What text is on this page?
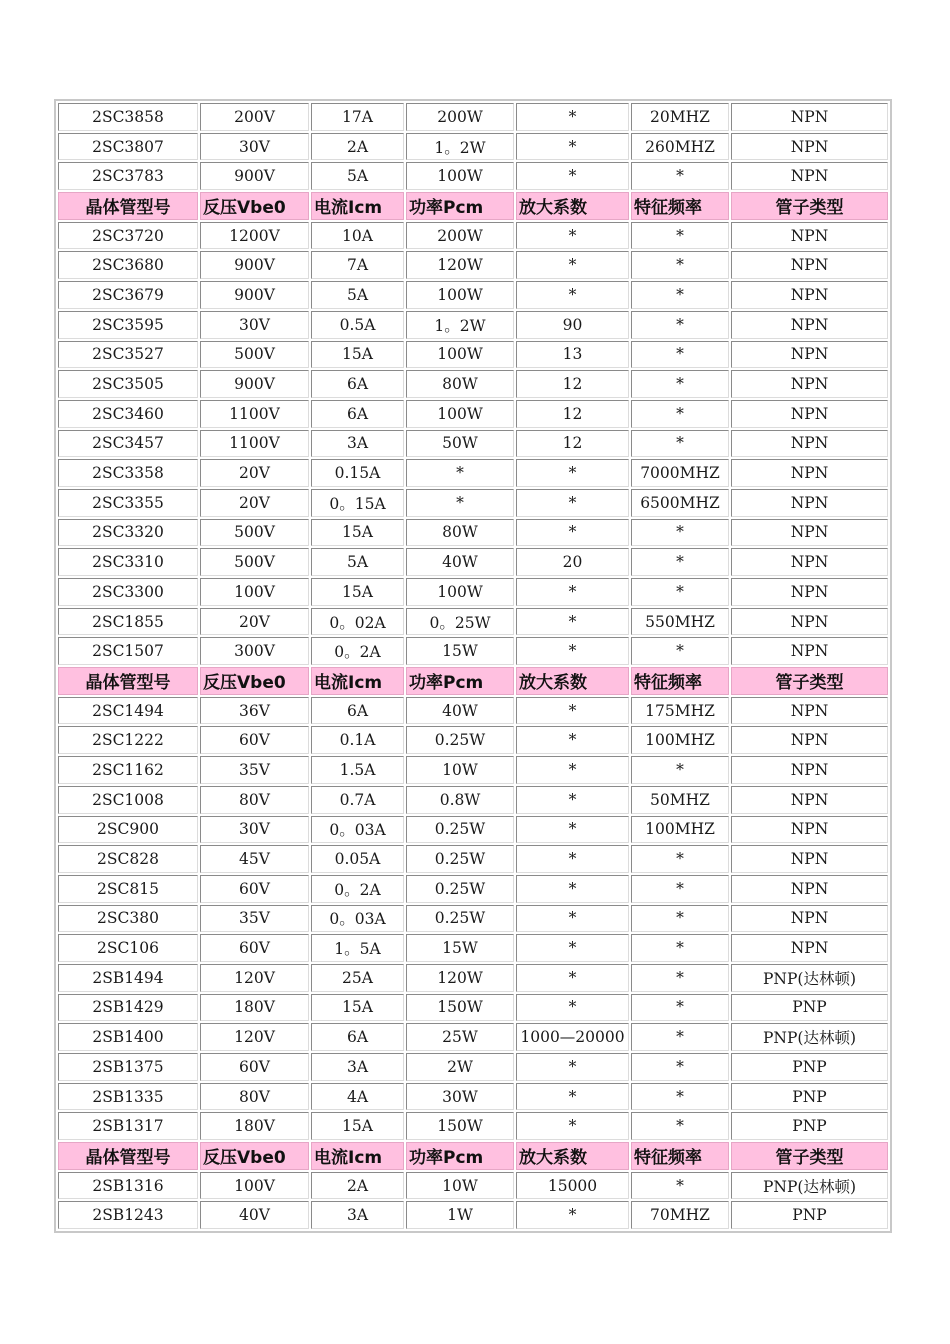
2SC3858	200V	17A	200W	*	20MHZ	NPN
2SC3807	30V	2A	1。2W	*	260MHZ	NPN
2SC3783	900V	5A	100W	*	*	NPN
晶体管型号	反压Vbe0	电流Icm	功率Pcm	放大系数	特征频率	管子类型
2SC3720	1200V	10A	200W	*	*	NPN
2SC3680	900V	7A	120W	*	*	NPN
2SC3679	900V	5A	100W	*	*	NPN
2SC3595	30V	0.5A	1。2W	90	*	NPN
2SC3527	500V	15A	100W	13	*	NPN
2SC3505	900V	6A	80W	12	*	NPN
2SC3460	1100V	6A	100W	12	*	NPN
2SC3457	1100V	3A	50W	12	*	NPN
2SC3358	20V	0.15A	*	*	7000MHZ	NPN
2SC3355	20V	0。15A	*	*	6500MHZ	NPN
2SC3320	500V	15A	80W	*	*	NPN
2SC3310	500V	5A	40W	20	*	NPN
2SC3300	100V	15A	100W	*	*	NPN
2SC1855	20V	0。02A	0。25W	*	550MHZ	NPN
2SC1507	300V	0。2A	15W	*	*	NPN
晶体管型号	反压Vbe0	电流Icm	功率Pcm	放大系数	特征频率	管子类型
2SC1494	36V	6A	40W	*	175MHZ	NPN
2SC1222	60V	0.1A	0.25W	*	100MHZ	NPN
2SC1162	35V	1.5A	10W	*	*	NPN
2SC1008	80V	0.7A	0.8W	*	50MHZ	NPN
2SC900	30V	0。03A	0.25W	*	100MHZ	NPN
2SC828	45V	0.05A	0.25W	*	*	NPN
2SC815	60V	0。2A	0.25W	*	*	NPN
2SC380	35V	0。03A	0.25W	*	*	NPN
2SC106	60V	1。5A	15W	*	*	NPN
2SB1494	120V	25A	120W	*	*	PNP(达林顿)
2SB1429	180V	15A	150W	*	*	PNP
2SB1400	120V	6A	25W	1000—20000	*	PNP(达林顿)
2SB1375	60V	3A	2W	*	*	PNP
2SB1335	80V	4A	30W	*	*	PNP
2SB1317	180V	15A	150W	*	*	PNP
晶体管型号	反压Vbe0	电流Icm	功率Pcm	放大系数	特征频率	管子类型
2SB1316	100V	2A	10W	15000	*	PNP(达林顿)
2SB1243	40V	3A	1W	*	70MHZ	PNP
